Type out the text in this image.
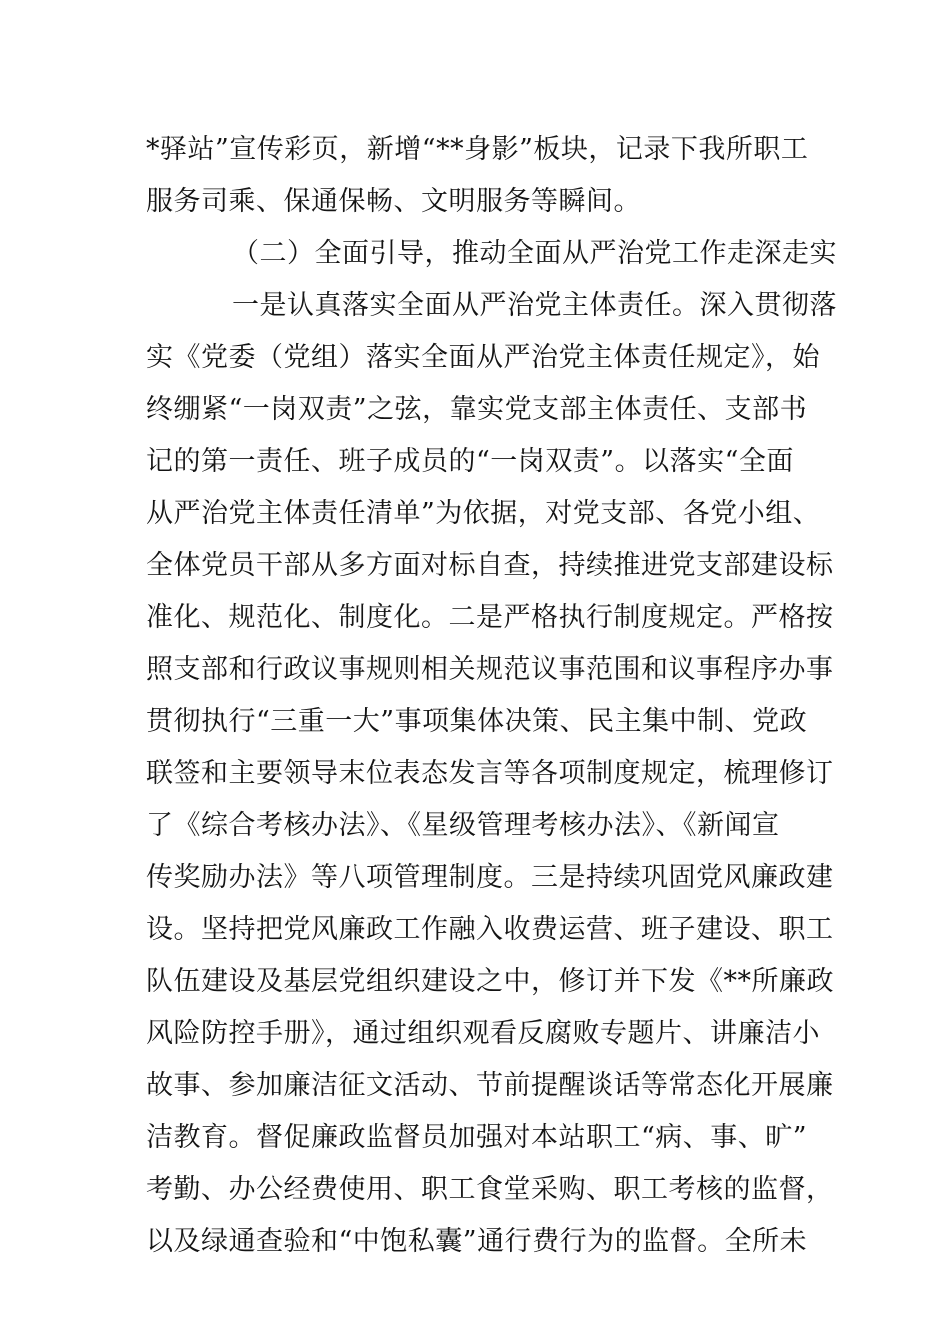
*驿站”宣传彩页，新增“**身影”板块，记录下我所职工
服务司乘、保通保畅、文明服务等瞬间。
（二）全面引导，推动全面从严治党工作走深走实
一是认真落实全面从严治党主体责任。深入贯彻落
实《党委（党组）落实全面从严治党主体责任规定》，始
终绷紧“一岗双责”之弦，靠实党支部主体责任、支部书
记的第一责任、班子成员的“一岗双责”。以落实“全面
从严治党主体责任清单”为依据，对党支部、各党小组、
全体党员干部从多方面对标自查，持续推进党支部建设标
准化、规范化、制度化。二是严格执行制度规定。严格按
照支部和行政议事规则相关规范议事范围和议事程序办事
贯彻执行“三重一大”事项集体决策、民主集中制、党政
联签和主要领导末位表态发言等各项制度规定，梳理修订
了《综合考核办法》、《星级管理考核办法》、《新闻宣
传奖励办法》等八项管理制度。三是持续巩固党风廉政建
设。坚持把党风廉政工作融入收费运营、班子建设、职工
队伍建设及基层党组织建设之中，修订并下发《**所廉政
风险防控手册》，通过组织观看反腐败专题片、讲廉洁小
故事、参加廉洁征文活动、节前提醒谈话等常态化开展廉
洁教育。督促廉政监督员加强对本站职工“病、事、旷”
考勤、办公经费使用、职工食堂采购、职工考核的监督，
以及绿通查验和“中饱私囊”通行费行为的监督。全所未
